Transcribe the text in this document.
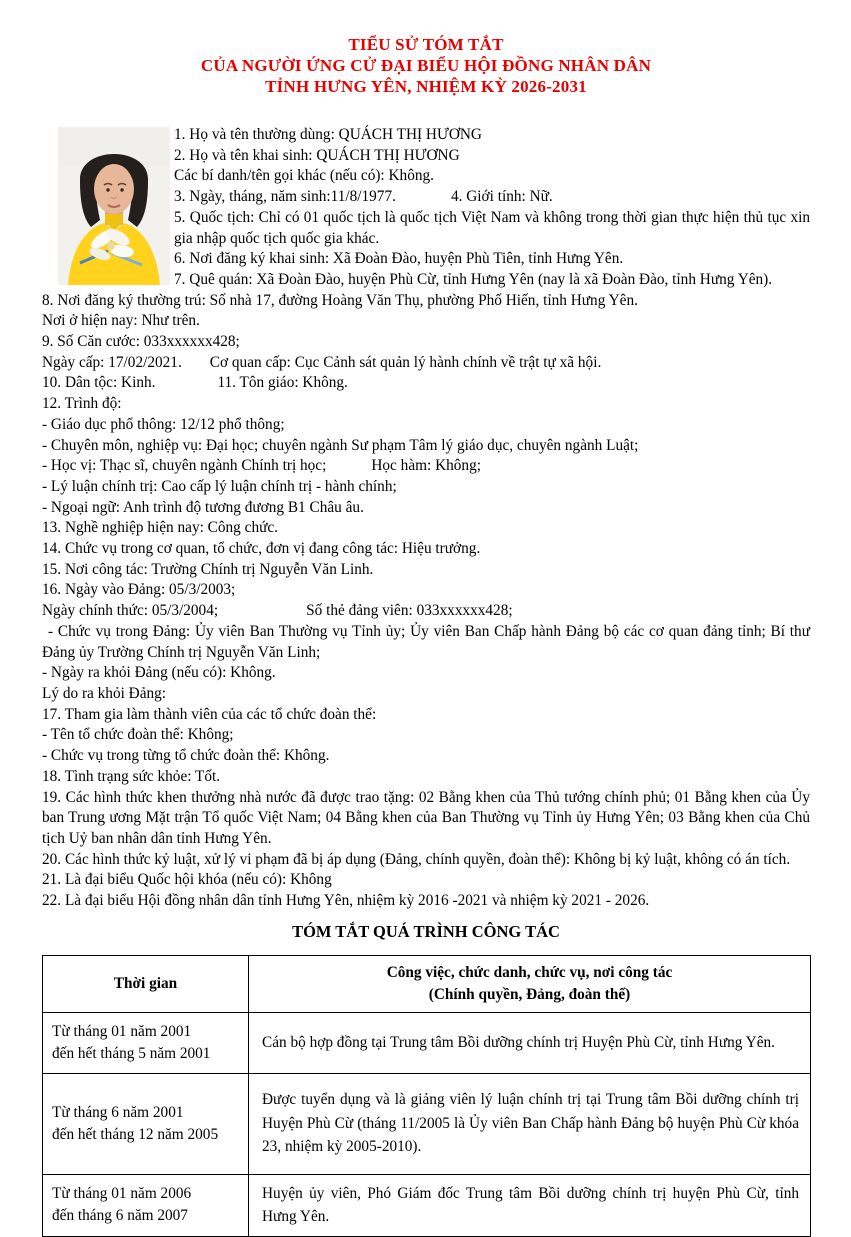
TIỂU SỬ TÓM TẮT
CỦA NGƯỜI ỨNG CỬ ĐẠI BIỂU HỘI ĐỒNG NHÂN DÂN
TỈNH HƯNG YÊN, NHIỆM KỲ 2026-2031

1. Họ và tên thường dùng: QUÁCH THỊ HƯƠNG

2. Họ và tên khai sinh: QUÁCH THỊ HƯƠNG

Các bí danh/tên gọi khác (nếu có): Không.

3. Ngày, tháng, năm sinh:11/8/1977.	4. Giới tính: Nữ.

5. Quốc tịch: Chỉ có 01 quốc tịch là quốc tịch Việt Nam và không trong thời gian thực hiện thủ tục xin gia nhập quốc tịch quốc gia khác.

6. Nơi đăng ký khai sinh: Xã Đoàn Đào, huyện Phù Tiên, tỉnh Hưng Yên.

7. Quê quán: Xã Đoàn Đào, huyện Phù Cừ, tỉnh Hưng Yên (nay là xã Đoàn Đào, tỉnh Hưng Yên).

8. Nơi đăng ký thường trú: Số nhà 17, đường Hoàng Văn Thụ, phường Phố Hiến, tỉnh Hưng Yên.

Nơi ở hiện nay: Như trên.

9. Số Căn cước: 033xxxxxx428;

Ngày cấp: 17/02/2021. Cơ quan cấp: Cục Cảnh sát quản lý hành chính về trật tự xã hội.

10. Dân tộc: Kinh.	11. Tôn giáo: Không.

12. Trình độ:

- Giáo dục phổ thông: 12/12 phổ thông;

- Chuyên môn, nghiệp vụ: Đại học; chuyên ngành Sư phạm Tâm lý giáo dục, chuyên ngành Luật;

- Học vị: Thạc sĩ, chuyên ngành Chính trị học;	Học hàm: Không;

- Lý luận chính trị: Cao cấp lý luận chính trị - hành chính;

- Ngoại ngữ: Anh trình độ tương đương B1 Châu âu.

13. Nghề nghiệp hiện nay: Công chức.

14. Chức vụ trong cơ quan, tổ chức, đơn vị đang công tác: Hiệu trưởng.

15. Nơi công tác: Trường Chính trị Nguyễn Văn Linh.

16. Ngày vào Đảng: 05/3/2003;

Ngày chính thức: 05/3/2004;	Số thẻ đảng viên: 033xxxxxx428;

- Chức vụ trong Đảng: Ủy viên Ban Thường vụ Tỉnh ủy; Ủy viên Ban Chấp hành Đảng bộ các cơ quan đảng tỉnh; Bí thư Đảng ủy Trường Chính trị Nguyễn Văn Linh;

- Ngày ra khỏi Đảng (nếu có): Không.

Lý do ra khỏi Đảng:

17. Tham gia làm thành viên của các tổ chức đoàn thể:

- Tên tổ chức đoàn thể: Không;

- Chức vụ trong từng tổ chức đoàn thể: Không.

18. Tình trạng sức khỏe: Tốt.

19. Các hình thức khen thưởng nhà nước đã được trao tặng: 02 Bằng khen của Thủ tướng chính phủ; 01 Bằng khen của Ủy ban Trung ương Mặt trận Tổ quốc Việt Nam; 04 Bằng khen của Ban Thường vụ Tỉnh ủy Hưng Yên; 03 Bằng khen của Chủ tịch Uỷ ban nhân dân tỉnh Hưng Yên.

20. Các hình thức kỷ luật, xử lý vi phạm đã bị áp dụng (Đảng, chính quyền, đoàn thể): Không bị kỷ luật, không có án tích.

21. Là đại biểu Quốc hội khóa (nếu có): Không

22. Là đại biểu Hội đồng nhân dân tỉnh Hưng Yên, nhiệm kỳ 2016 -2021 và nhiệm kỳ 2021 - 2026.

TÓM TẮT QUÁ TRÌNH CÔNG TÁC
Thời gian	Công việc, chức danh, chức vụ, nơi công tác
(Chính quyền, Đảng, đoàn thể)

Từ tháng 01 năm 2001
đến hết tháng 5 năm 2001	Cán bộ hợp đồng tại Trung tâm Bồi dưỡng chính trị Huyện Phù Cừ, tỉnh Hưng Yên.

Từ tháng 6 năm 2001
đến hết tháng 12 năm 2005	Được tuyển dụng và là giảng viên lý luận chính trị tại Trung tâm Bồi dưỡng chính trị Huyện Phù Cừ (tháng 11/2005 là Ủy viên Ban Chấp hành Đảng bộ huyện Phù Cừ khóa 23, nhiệm kỳ 2005-2010).

Từ tháng 01 năm 2006
đến tháng 6 năm 2007	Huyện ủy viên, Phó Giám đốc Trung tâm Bồi dưỡng chính trị huyện Phù Cừ, tỉnh Hưng Yên.
